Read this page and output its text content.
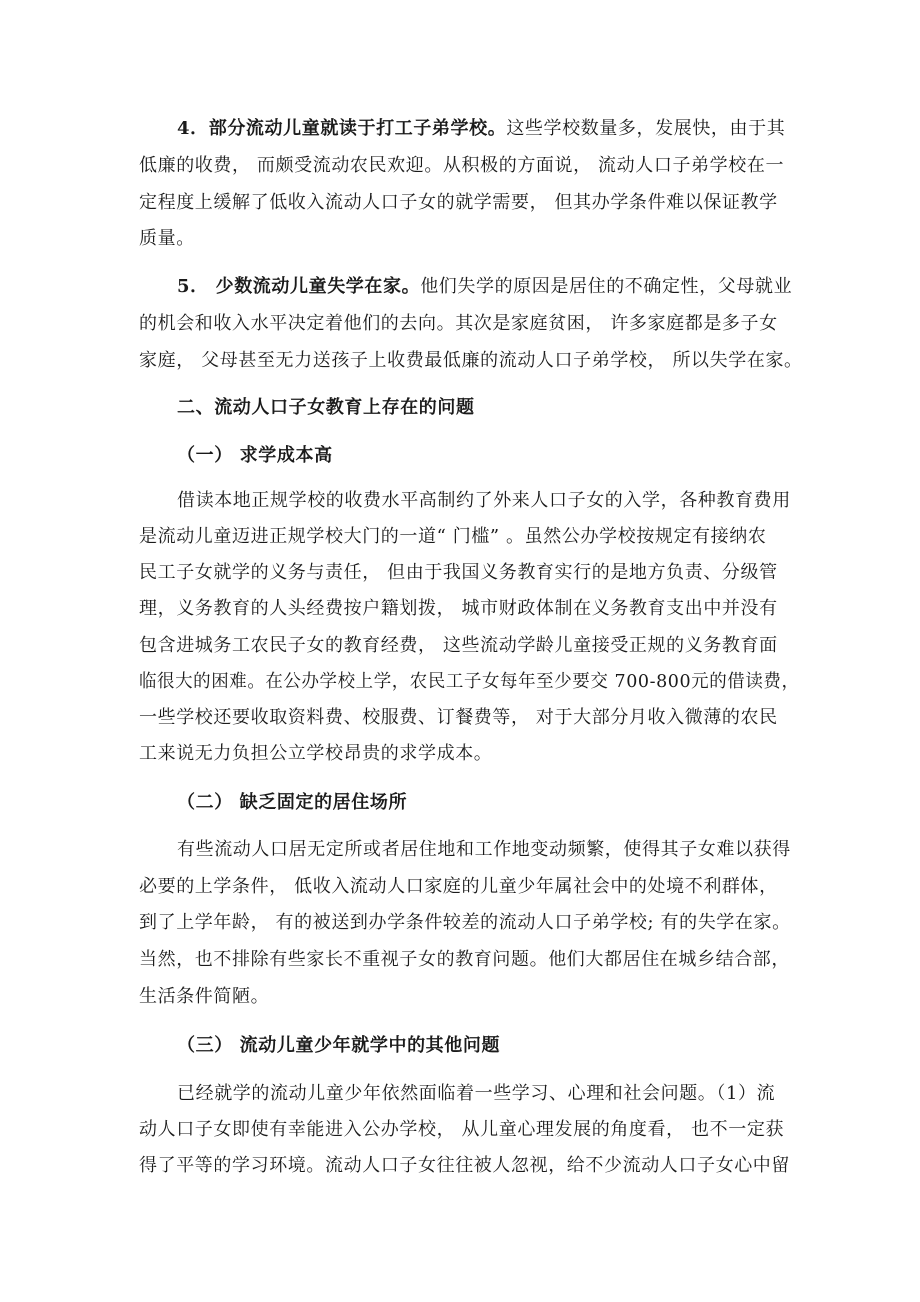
4．部分流动儿童就读于打工子弟学校。这些学校数量多，发展快，由于其

低廉的收费， 而颇受流动农民欢迎。从积极的方面说， 流动人口子弟学校在一

定程度上缓解了低收入流动人口子女的就学需要， 但其办学条件难以保证教学

质量。

5． 少数流动儿童失学在家。他们失学的原因是居住的不确定性，父母就业

的机会和收入水平决定着他们的去向。其次是家庭贫困， 许多家庭都是多子女

家庭， 父母甚至无力送孩子上收费最低廉的流动人口子弟学校， 所以失学在家。

二、流动人口子女教育上存在的问题

（一） 求学成本高

借读本地正规学校的收费水平高制约了外来人口子女的入学，各种教育费用

是流动儿童迈进正规学校大门的一道“ 门槛” 。虽然公办学校按规定有接纳农

民工子女就学的义务与责任， 但由于我国义务教育实行的是地方负责、分级管

理，义务教育的人头经费按户籍划拨， 城市财政体制在义务教育支出中并没有

包含进城务工农民子女的教育经费， 这些流动学龄儿童接受正规的义务教育面

临很大的困难。在公办学校上学，农民工子女每年至少要交 700-800元的借读费，

一些学校还要收取资料费、校服费、订餐费等， 对于大部分月收入微薄的农民

工来说无力负担公立学校昂贵的求学成本。

（二） 缺乏固定的居住场所

有些流动人口居无定所或者居住地和工作地变动频繁，使得其子女难以获得

必要的上学条件， 低收入流动人口家庭的儿童少年属社会中的处境不利群体，

到了上学年龄， 有的被送到办学条件较差的流动人口子弟学校; 有的失学在家。

当然，也不排除有些家长不重视子女的教育问题。他们大都居住在城乡结合部，

生活条件简陋。

（三） 流动儿童少年就学中的其他问题

已经就学的流动儿童少年依然面临着一些学习、心理和社会问题。（1）流

动人口子女即使有幸能进入公办学校， 从儿童心理发展的角度看， 也不一定获

得了平等的学习环境。流动人口子女往往被人忽视，给不少流动人口子女心中留
